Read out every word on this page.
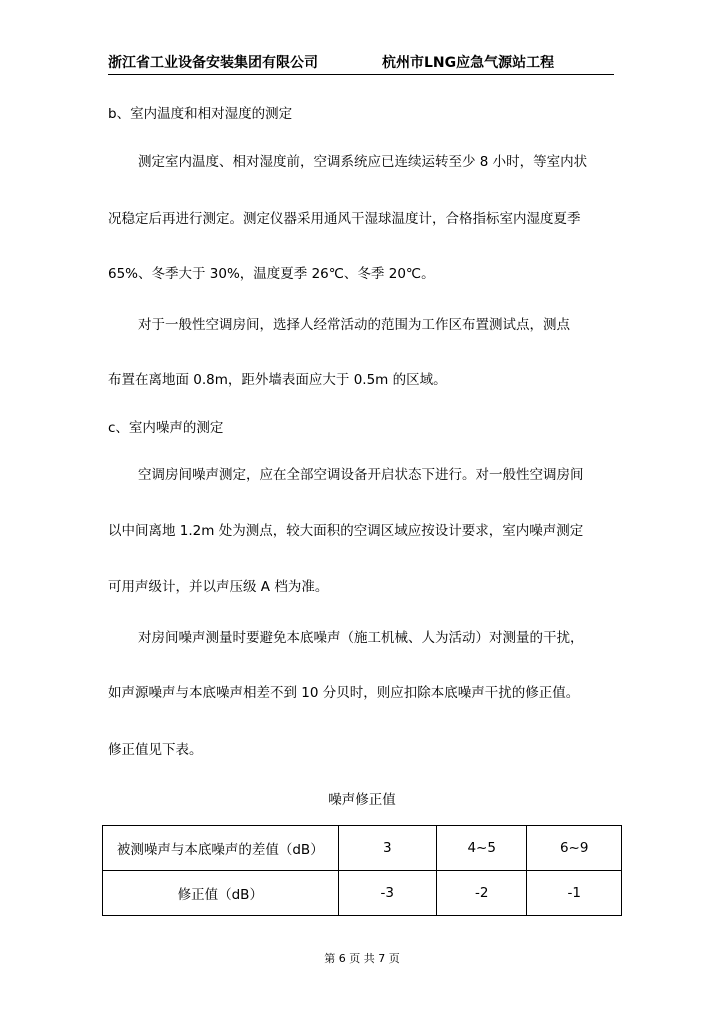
浙江省工业设备安装集团有限公司	杭州市LNG应急气源站工程
b、室内温度和相对湿度的测定
测定室内温度、相对湿度前，空调系统应已连续运转至少 8 小时，等室内状
况稳定后再进行测定。测定仪器采用通风干湿球温度计，合格指标室内湿度夏季
65%、冬季大于 30%，温度夏季 26℃、冬季 20℃。
对于一般性空调房间，选择人经常活动的范围为工作区布置测试点，测点
布置在离地面 0.8m，距外墙表面应大于 0.5m 的区域。
c、室内噪声的测定
空调房间噪声测定，应在全部空调设备开启状态下进行。对一般性空调房间
以中间离地 1.2m 处为测点，较大面积的空调区域应按设计要求，室内噪声测定
可用声级计，并以声压级 A 档为准。
对房间噪声测量时要避免本底噪声（施工机械、人为活动）对测量的干扰，
如声源噪声与本底噪声相差不到 10 分贝时，则应扣除本底噪声干扰的修正值。
修正值见下表。
噪声修正值
被测噪声与本底噪声的差值（dB）	3	4~5	6~9
修正值（dB）	-3	-2	-1
第 6 页 共 7 页
